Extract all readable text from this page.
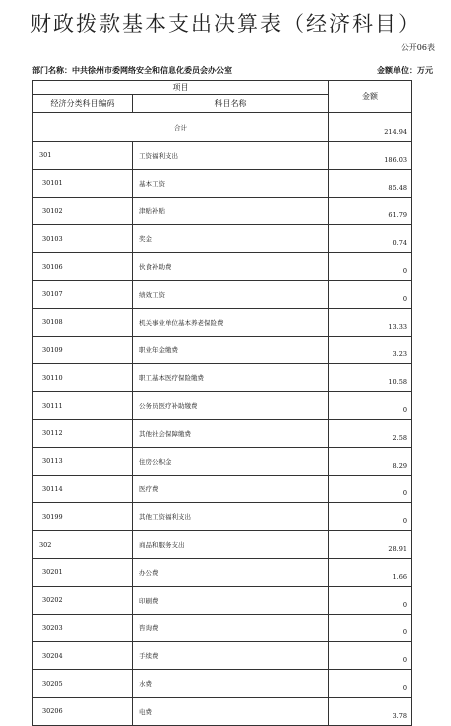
财政拨款基本支出决算表（经济科目）
公开06表
部门名称：中共徐州市委网络安全和信息化委员会办公室	金额单位：万元
项目		金额
经济分类科目编码	科目名称	
合计		214.94
301	工资福利支出	186.03
30101	基本工资	85.48
30102	津贴补贴	61.79
30103	奖金	0.74
30106	伙食补助费	0
30107	绩效工资	0
30108	机关事业单位基本养老保险费	13.33
30109	职业年金缴费	3.23
30110	职工基本医疗保险缴费	10.58
30111	公务员医疗补助缴费	0
30112	其他社会保障缴费	2.58
30113	住房公积金	8.29
30114	医疗费	0
30199	其他工资福利支出	0
302	商品和服务支出	28.91
30201	办公费	1.66
30202	印刷费	0
30203	咨询费	0
30204	手续费	0
30205	水费	0
30206	电费	3.78
